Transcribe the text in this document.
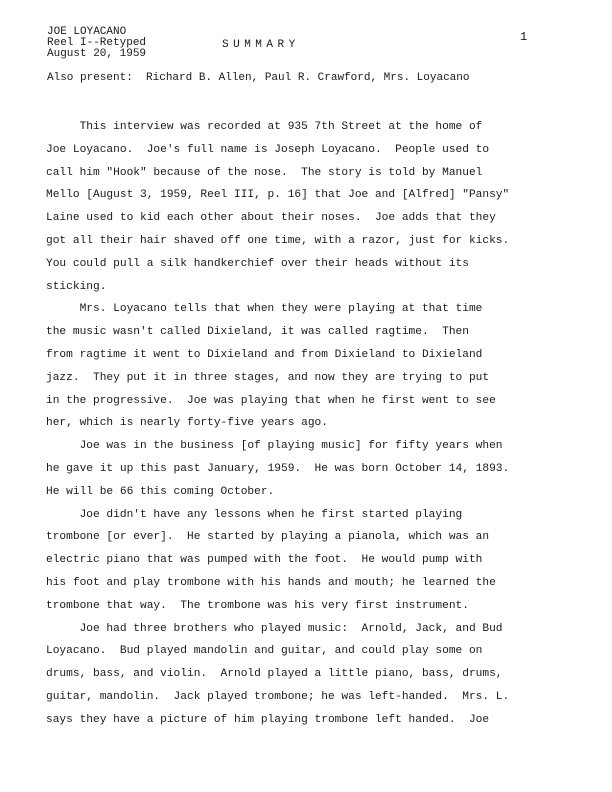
JOE LOYACANO
Reel I--Retyped
August 20, 1959
SUMMARY
1
Also present:  Richard B. Allen, Paul R. Crawford, Mrs. Loyacano
This interview was recorded at 935 7th Street at the home of
Joe Loyacano.  Joe's full name is Joseph Loyacano.  People used to
call him "Hook" because of the nose.  The story is told by Manuel
Mello [August 3, 1959, Reel III, p. 16] that Joe and [Alfred] "Pansy"
Laine used to kid each other about their noses.  Joe adds that they
got all their hair shaved off one time, with a razor, just for kicks.
You could pull a silk handkerchief over their heads without its
sticking.
Mrs. Loyacano tells that when they were playing at that time
the music wasn't called Dixieland, it was called ragtime.  Then
from ragtime it went to Dixieland and from Dixieland to Dixieland
jazz.  They put it in three stages, and now they are trying to put
in the progressive.  Joe was playing that when he first went to see
her, which is nearly forty-five years ago.
Joe was in the business [of playing music] for fifty years when
he gave it up this past January, 1959.  He was born October 14, 1893.
He will be 66 this coming October.
Joe didn't have any lessons when he first started playing
trombone [or ever].  He started by playing a pianola, which was an
electric piano that was pumped with the foot.  He would pump with
his foot and play trombone with his hands and mouth; he learned the
trombone that way.  The trombone was his very first instrument.
Joe had three brothers who played music:  Arnold, Jack, and Bud
Loyacano.  Bud played mandolin and guitar, and could play some on
drums, bass, and violin.  Arnold played a little piano, bass, drums,
guitar, mandolin.  Jack played trombone; he was left-handed.  Mrs. L.
says they have a picture of him playing trombone left handed.  Joe
